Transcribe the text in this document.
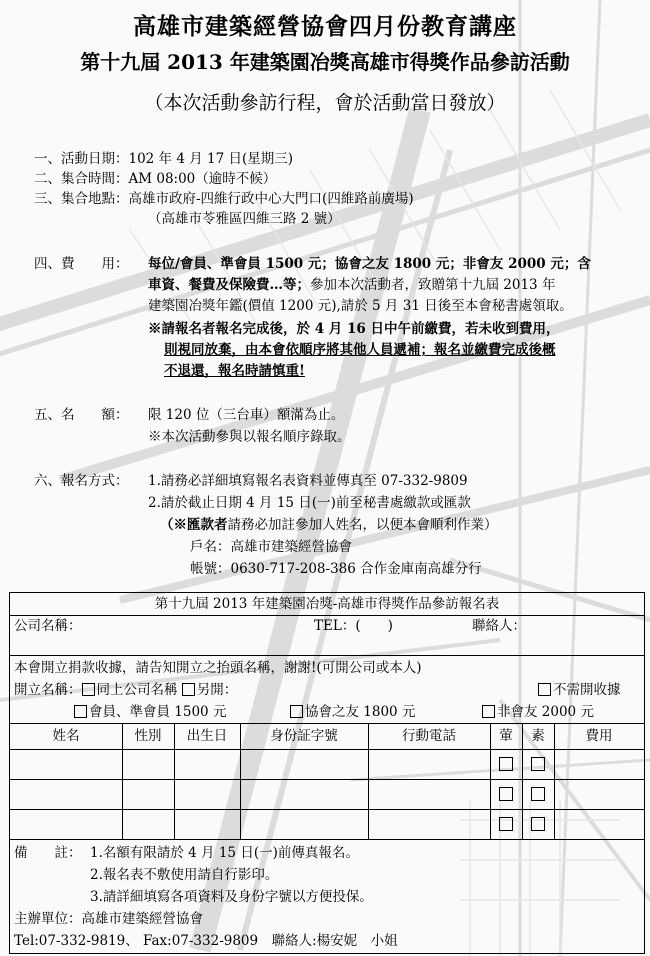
高雄市建築經營協會四月份教育講座
第十九屆 2013 年建築園冶獎高雄市得獎作品參訪活動
（本次活動參訪行程，會於活動當日發放）
一、活動日期：102 年 4 月 17 日(星期三)
二、集合時間：AM 08:00（逾時不候）
三、集合地點：高雄市政府-四維行政中心大門口(四維路前廣場)
（高雄市苓雅區四維三路 2 號）
四、費　　用： 每位/會員、準會員 1500 元；協會之友 1800 元；非會友 2000 元；含
車資、餐費及保險費…等；參加本次活動者，致贈第十九屆 2013 年
建築園冶獎年鑑(價值 1200 元),請於 5 月 31 日後至本會秘書處領取。
※請報名者報名完成後，於 4 月 16 日中午前繳費，若未收到費用，
則視同放棄，由本會依順序將其他人員遞補；報名並繳費完成後概
不退還，報名時請慎重!
五、名　　額： 限 120 位（三台車）額滿為止。
※本次活動參與以報名順序錄取。
六、報名方式： 1.請務必詳細填寫報名表資料並傳真至 07-332-9809
2.請於截止日期 4 月 15 日(一)前至秘書處繳款或匯款
（※匯款者請務必加註參加人姓名，以便本會順利作業）
戶名：高雄市建築經營協會
帳號：0630-717-208-386 合作金庫南高雄分行
第十九屆 2013 年建築園冶獎-高雄市得獎作品參訪報名表
公司名稱：	TEL：(　　)	聯絡人：
本會開立捐款收據，請告知開立之抬頭名稱，謝謝!(可開公司或本人)
開立名稱： 同上公司名稱 另開：	不需開收據
會員、準會員 1500 元	協會之友 1800 元	非會友 2000 元
姓名	性別	出生日	身份証字號	行動電話	葷	素	費用
備　　註： 1.名額有限請於 4 月 15 日(一)前傳真報名。
2.報名表不敷使用請自行影印。
3.請詳細填寫各項資料及身份字號以方便投保。
主辦單位：高雄市建築經營協會
Tel:07-332-9819、 Fax:07-332-9809　聯絡人:楊安妮　小姐
